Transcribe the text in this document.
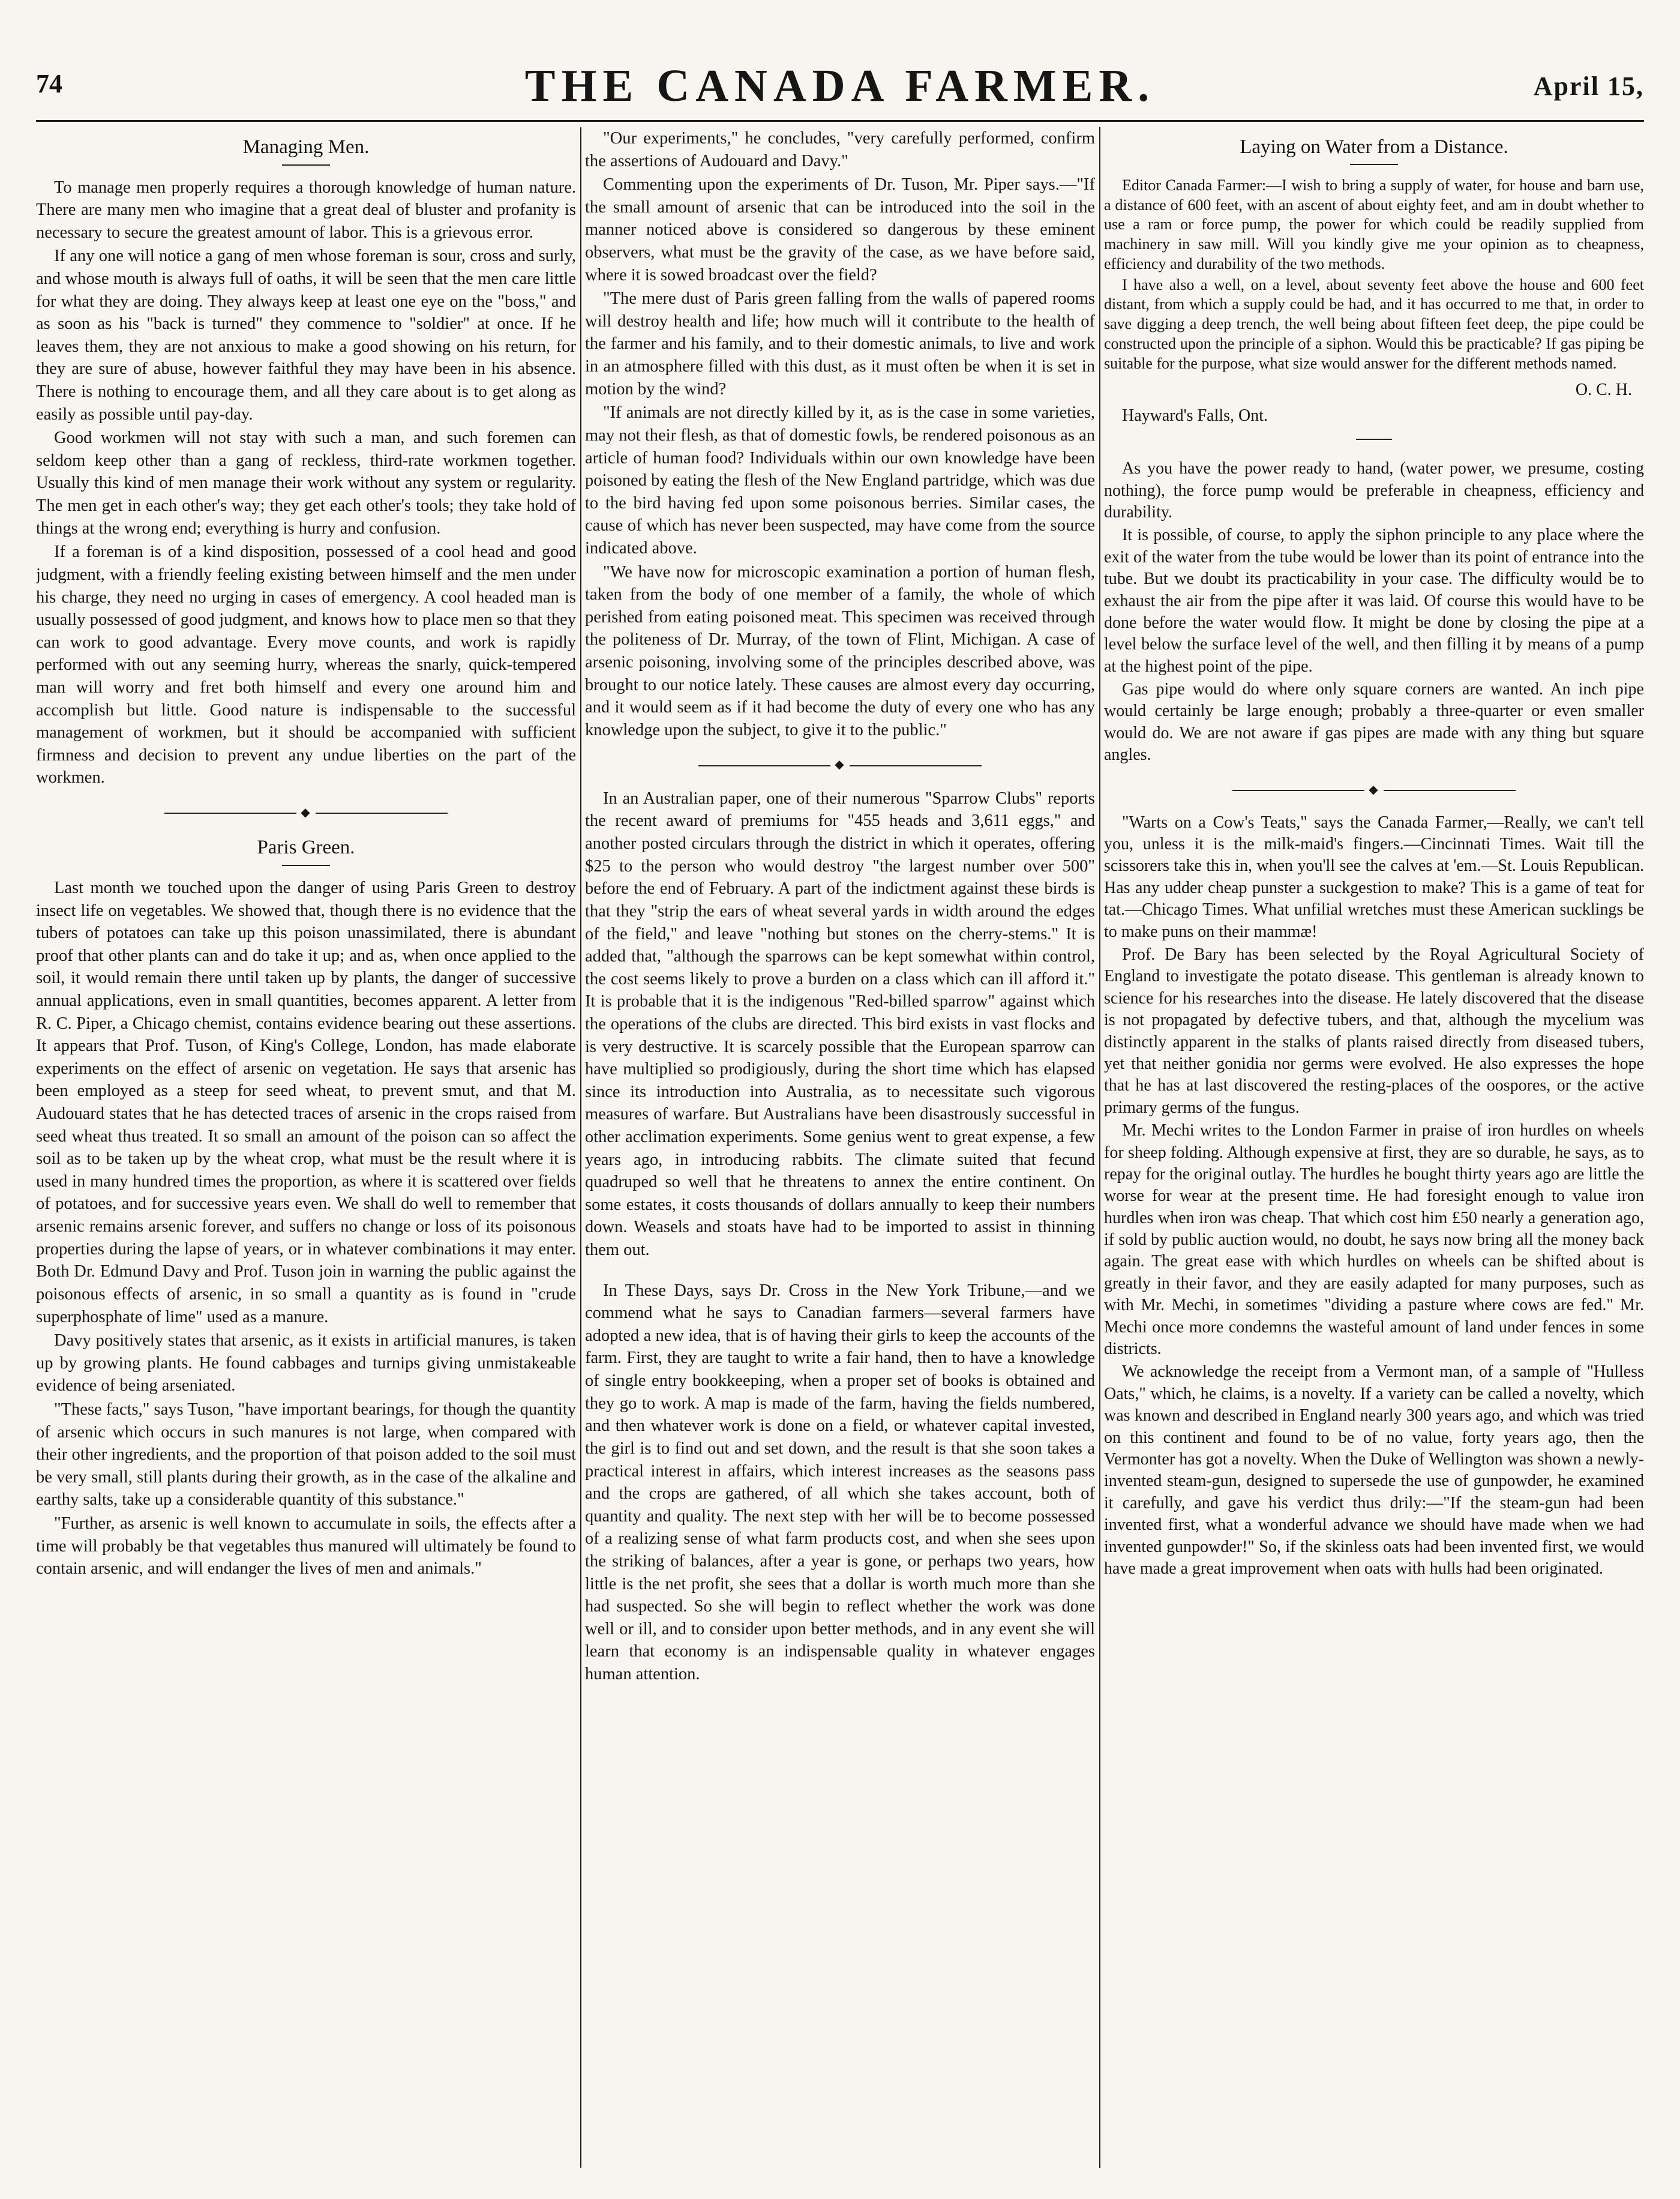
74	THE CANADA FARMER.	April 15,
Managing Men.

To manage men properly requires a thorough knowledge of human nature. There are many men who imagine that a great deal of bluster and profanity is necessary to secure the greatest amount of labor. This is a grievous error.

If any one will notice a gang of men whose foreman is sour, cross and surly, and whose mouth is always full of oaths, it will be seen that the men care little for what they are doing. They always keep at least one eye on the "boss," and as soon as his "back is turned" they commence to "soldier" at once. If he leaves them, they are not anxious to make a good showing on his return, for they are sure of abuse, however faithful they may have been in his absence. There is nothing to encourage them, and all they care about is to get along as easily as possible until pay-day.

Good workmen will not stay with such a man, and such foremen can seldom keep other than a gang of reckless, third-rate workmen together. Usually this kind of men manage their work without any system or regularity. The men get in each other's way; they get each other's tools; they take hold of things at the wrong end; everything is hurry and confusion.

If a foreman is of a kind disposition, possessed of a cool head and good judgment, with a friendly feeling existing between himself and the men under his charge, they need no urging in cases of emergency. A cool headed man is usually possessed of good judgment, and knows how to place men so that they can work to good advantage. Every move counts, and work is rapidly performed with out any seeming hurry, whereas the snarly, quick-tempered man will worry and fret both himself and every one around him and accomplish but little. Good nature is indispensable to the successful management of workmen, but it should be accompanied with sufficient firmness and decision to prevent any undue liberties on the part of the workmen.

◆
Paris Green.

Last month we touched upon the danger of using Paris Green to destroy insect life on vegetables. We showed that, though there is no evidence that the tubers of potatoes can take up this poison unassimilated, there is abundant proof that other plants can and do take it up; and as, when once applied to the soil, it would remain there until taken up by plants, the danger of successive annual applications, even in small quantities, becomes apparent. A letter from R. C. Piper, a Chicago chemist, contains evidence bearing out these assertions. It appears that Prof. Tuson, of King's College, London, has made elaborate experiments on the effect of arsenic on vegetation. He says that arsenic has been employed as a steep for seed wheat, to prevent smut, and that M. Audouard states that he has detected traces of arsenic in the crops raised from seed wheat thus treated. It so small an amount of the poison can so affect the soil as to be taken up by the wheat crop, what must be the result where it is used in many hundred times the proportion, as where it is scattered over fields of potatoes, and for successive years even. We shall do well to remember that arsenic remains arsenic forever, and suffers no change or loss of its poisonous properties during the lapse of years, or in whatever combinations it may enter. Both Dr. Edmund Davy and Prof. Tuson join in warning the public against the poisonous effects of arsenic, in so small a quantity as is found in "crude superphosphate of lime" used as a manure.

Davy positively states that arsenic, as it exists in artificial manures, is taken up by growing plants. He found cabbages and turnips giving unmistakeable evidence of being arseniated.

"These facts," says Tuson, "have important bearings, for though the quantity of arsenic which occurs in such manures is not large, when compared with their other ingredients, and the proportion of that poison added to the soil must be very small, still plants during their growth, as in the case of the alkaline and earthy salts, take up a considerable quantity of this substance."

"Further, as arsenic is well known to accumulate in soils, the effects after a time will probably be that vegetables thus manured will ultimately be found to contain arsenic, and will endanger the lives of men and animals."

"Our experiments," he concludes, "very carefully performed, confirm the assertions of Audouard and Davy."

Commenting upon the experiments of Dr. Tuson, Mr. Piper says.—"If the small amount of arsenic that can be introduced into the soil in the manner noticed above is considered so dangerous by these eminent observers, what must be the gravity of the case, as we have before said, where it is sowed broadcast over the field?

"The mere dust of Paris green falling from the walls of papered rooms will destroy health and life; how much will it contribute to the health of the farmer and his family, and to their domestic animals, to live and work in an atmosphere filled with this dust, as it must often be when it is set in motion by the wind?

"If animals are not directly killed by it, as is the case in some varieties, may not their flesh, as that of domestic fowls, be rendered poisonous as an article of human food? Individuals within our own knowledge have been poisoned by eating the flesh of the New England partridge, which was due to the bird having fed upon some poisonous berries. Similar cases, the cause of which has never been suspected, may have come from the source indicated above.

"We have now for microscopic examination a portion of human flesh, taken from the body of one member of a family, the whole of which perished from eating poisoned meat. This specimen was received through the politeness of Dr. Murray, of the town of Flint, Michigan. A case of arsenic poisoning, involving some of the principles described above, was brought to our notice lately. These causes are almost every day occurring, and it would seem as if it had become the duty of every one who has any knowledge upon the subject, to give it to the public."

◆

In an Australian paper, one of their numerous "Sparrow Clubs" reports the recent award of premiums for "455 heads and 3,611 eggs," and another posted circulars through the district in which it operates, offering $25 to the person who would destroy "the largest number over 500" before the end of February. A part of the indictment against these birds is that they "strip the ears of wheat several yards in width around the edges of the field," and leave "nothing but stones on the cherry-stems." It is added that, "although the sparrows can be kept somewhat within control, the cost seems likely to prove a burden on a class which can ill afford it." It is probable that it is the indigenous "Red-billed sparrow" against which the operations of the clubs are directed. This bird exists in vast flocks and is very destructive. It is scarcely possible that the European sparrow can have multiplied so prodigiously, during the short time which has elapsed since its introduction into Australia, as to necessitate such vigorous measures of warfare. But Australians have been disastrously successful in other acclimation experiments. Some genius went to great expense, a few years ago, in introducing rabbits. The climate suited that fecund quadruped so well that he threatens to annex the entire continent. On some estates, it costs thousands of dollars annually to keep their numbers down. Weasels and stoats have had to be imported to assist in thinning them out.

In These Days, says Dr. Cross in the New York Tribune,—and we commend what he says to Canadian farmers—several farmers have adopted a new idea, that is of having their girls to keep the accounts of the farm. First, they are taught to write a fair hand, then to have a knowledge of single entry bookkeeping, when a proper set of books is obtained and they go to work. A map is made of the farm, having the fields numbered, and then whatever work is done on a field, or whatever capital invested, the girl is to find out and set down, and the result is that she soon takes a practical interest in affairs, which interest increases as the seasons pass and the crops are gathered, of all which she takes account, both of quantity and quality. The next step with her will be to become possessed of a realizing sense of what farm products cost, and when she sees upon the striking of balances, after a year is gone, or perhaps two years, how little is the net profit, she sees that a dollar is worth much more than she had suspected. So she will begin to reflect whether the work was done well or ill, and to consider upon better methods, and in any event she will learn that economy is an indispensable quality in whatever engages human attention.

Laying on Water from a Distance.

Editor Canada Farmer:—I wish to bring a supply of water, for house and barn use, a distance of 600 feet, with an ascent of about eighty feet, and am in doubt whether to use a ram or force pump, the power for which could be readily supplied from machinery in saw mill. Will you kindly give me your opinion as to cheapness, efficiency and durability of the two methods.

I have also a well, on a level, about seventy feet above the house and 600 feet distant, from which a supply could be had, and it has occurred to me that, in order to save digging a deep trench, the well being about fifteen feet deep, the pipe could be constructed upon the principle of a siphon. Would this be practicable? If gas piping be suitable for the purpose, what size would answer for the different methods named.

O. C. H.
Hayward's Falls, Ont.

As you have the power ready to hand, (water power, we presume, costing nothing), the force pump would be preferable in cheapness, efficiency and durability.

It is possible, of course, to apply the siphon principle to any place where the exit of the water from the tube would be lower than its point of entrance into the tube. But we doubt its practicability in your case. The difficulty would be to exhaust the air from the pipe after it was laid. Of course this would have to be done before the water would flow. It might be done by closing the pipe at a level below the surface level of the well, and then filling it by means of a pump at the highest point of the pipe.

Gas pipe would do where only square corners are wanted. An inch pipe would certainly be large enough; probably a three-quarter or even smaller would do. We are not aware if gas pipes are made with any thing but square angles.

◆

"Warts on a Cow's Teats," says the Canada Farmer,—Really, we can't tell you, unless it is the milk-maid's fingers.—Cincinnati Times. Wait till the scissorers take this in, when you'll see the calves at 'em.—St. Louis Republican. Has any udder cheap punster a suckgestion to make? This is a game of teat for tat.—Chicago Times. What unfilial wretches must these American sucklings be to make puns on their mammæ!

Prof. De Bary has been selected by the Royal Agricultural Society of England to investigate the potato disease. This gentleman is already known to science for his researches into the disease. He lately discovered that the disease is not propagated by defective tubers, and that, although the mycelium was distinctly apparent in the stalks of plants raised directly from diseased tubers, yet that neither gonidia nor germs were evolved. He also expresses the hope that he has at last discovered the resting-places of the oospores, or the active primary germs of the fungus.

Mr. Mechi writes to the London Farmer in praise of iron hurdles on wheels for sheep folding. Although expensive at first, they are so durable, he says, as to repay for the original outlay. The hurdles he bought thirty years ago are little the worse for wear at the present time. He had foresight enough to value iron hurdles when iron was cheap. That which cost him £50 nearly a generation ago, if sold by public auction would, no doubt, he says now bring all the money back again. The great ease with which hurdles on wheels can be shifted about is greatly in their favor, and they are easily adapted for many purposes, such as with Mr. Mechi, in sometimes "dividing a pasture where cows are fed." Mr. Mechi once more condemns the wasteful amount of land under fences in some districts.

We acknowledge the receipt from a Vermont man, of a sample of "Hulless Oats," which, he claims, is a novelty. If a variety can be called a novelty, which was known and described in England nearly 300 years ago, and which was tried on this continent and found to be of no value, forty years ago, then the Vermonter has got a novelty. When the Duke of Wellington was shown a newly-invented steam-gun, designed to supersede the use of gunpowder, he examined it carefully, and gave his verdict thus drily:—"If the steam-gun had been invented first, what a wonderful advance we should have made when we had invented gunpowder!" So, if the skinless oats had been invented first, we would have made a great improvement when oats with hulls had been originated.
